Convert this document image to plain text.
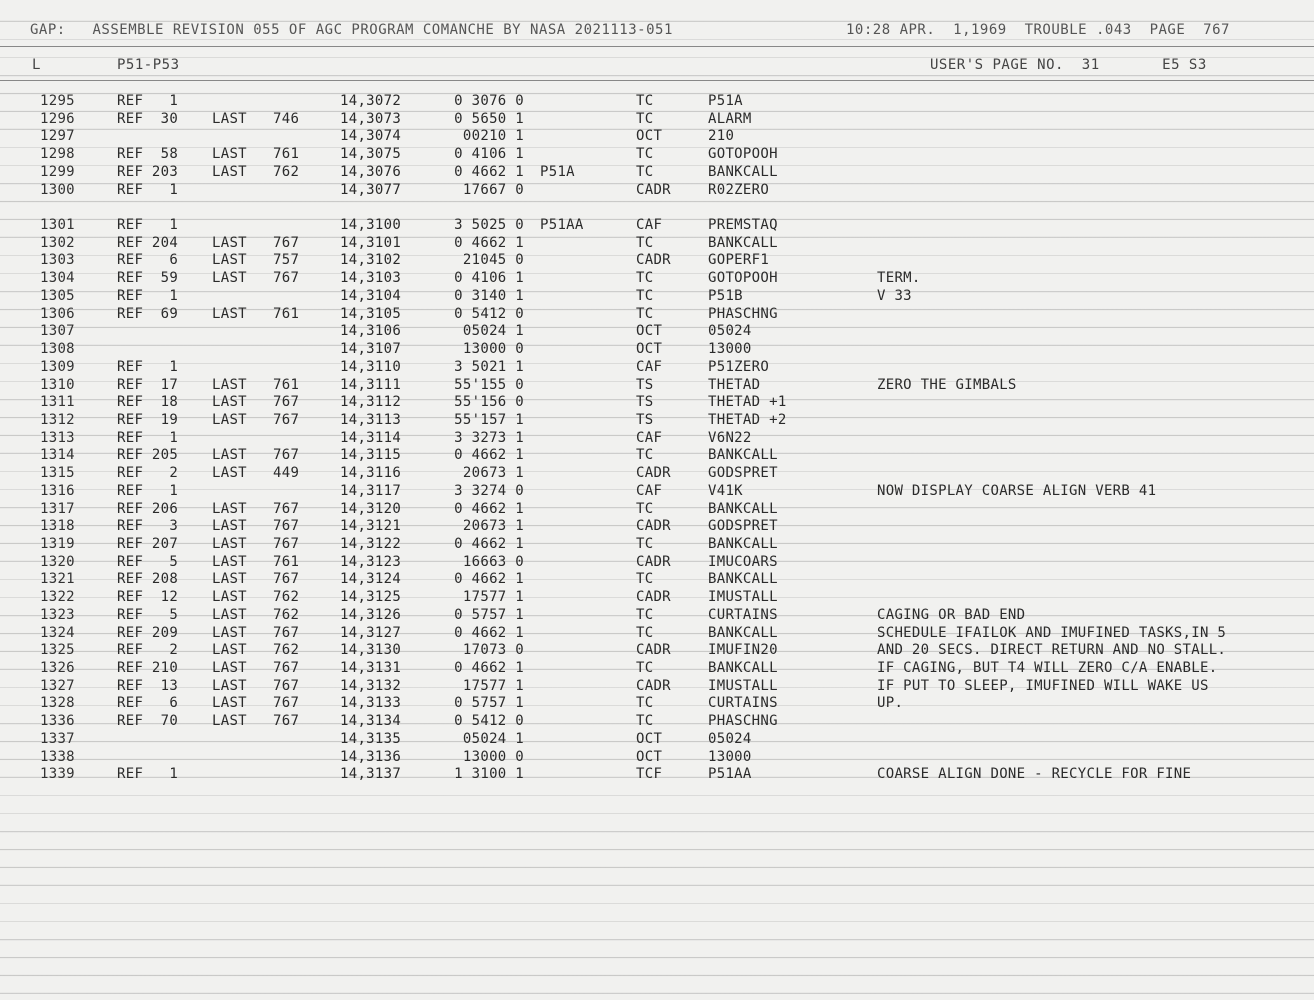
GAP:   ASSEMBLE REVISION 055 OF AGC PROGRAM COMANCHE BY NASA 2021113-051	10:28 APR.  1,1969  TROUBLE .043  PAGE  767
L	P51-P53	USER'S PAGE NO.  31       E5 S3
1295	REF   1	14,3072	0 3076 0	TC	P51A
1296	REF  30	LAST	746	14,3073	0 5650 1	TC	ALARM
1297	14,3074	00210 1	OCT	210
1298	REF  58	LAST	761	14,3075	0 4106 1	TC	GOTOPOOH
1299	REF 203	LAST	762	14,3076	0 4662 1 P51A	TC	BANKCALL
1300	REF   1	14,3077	17667 0	CADR	R02ZERO
1301	REF   1	14,3100	3 5025 0 P51AA	CAF	PREMSTAQ
1302	REF 204	LAST	767	14,3101	0 4662 1	TC	BANKCALL
1303	REF   6	LAST	757	14,3102	21045 0	CADR	GOPERF1
1304	REF  59	LAST	767	14,3103	0 4106 1	TC	GOTOPOOH	TERM.
1305	REF   1	14,3104	0 3140 1	TC	P51B	V 33
1306	REF  69	LAST	761	14,3105	0 5412 0	TC	PHASCHNG
1307	14,3106	05024 1	OCT	05024
1308	14,3107	13000 0	OCT	13000
1309	REF   1	14,3110	3 5021 1	CAF	P51ZERO
1310	REF  17	LAST	761	14,3111	55'155 0	TS	THETAD	ZERO THE GIMBALS
1311	REF  18	LAST	767	14,3112	55'156 0	TS	THETAD +1
1312	REF  19	LAST	767	14,3113	55'157 1	TS	THETAD +2
1313	REF   1	14,3114	3 3273 1	CAF	V6N22
1314	REF 205	LAST	767	14,3115	0 4662 1	TC	BANKCALL
1315	REF   2	LAST	449	14,3116	20673 1	CADR	GODSPRET
1316	REF   1	14,3117	3 3274 0	CAF	V41K	NOW DISPLAY COARSE ALIGN VERB 41
1317	REF 206	LAST	767	14,3120	0 4662 1	TC	BANKCALL
1318	REF   3	LAST	767	14,3121	20673 1	CADR	GODSPRET
1319	REF 207	LAST	767	14,3122	0 4662 1	TC	BANKCALL
1320	REF   5	LAST	761	14,3123	16663 0	CADR	IMUCOARS
1321	REF 208	LAST	767	14,3124	0 4662 1	TC	BANKCALL
1322	REF  12	LAST	762	14,3125	17577 1	CADR	IMUSTALL
1323	REF   5	LAST	762	14,3126	0 5757 1	TC	CURTAINS	CAGING OR BAD END
1324	REF 209	LAST	767	14,3127	0 4662 1	TC	BANKCALL	SCHEDULE IFAILOK AND IMUFINED TASKS,IN 5
1325	REF   2	LAST	762	14,3130	17073 0	CADR	IMUFIN20	AND 20 SECS. DIRECT RETURN AND NO STALL.
1326	REF 210	LAST	767	14,3131	0 4662 1	TC	BANKCALL	IF CAGING, BUT T4 WILL ZERO C/A ENABLE.
1327	REF  13	LAST	767	14,3132	17577 1	CADR	IMUSTALL	IF PUT TO SLEEP, IMUFINED WILL WAKE US
1328	REF   6	LAST	767	14,3133	0 5757 1	TC	CURTAINS	UP.
1336	REF  70	LAST	767	14,3134	0 5412 0	TC	PHASCHNG
1337	14,3135	05024 1	OCT	05024
1338	14,3136	13000 0	OCT	13000
1339	REF   1	14,3137	1 3100 1	TCF	P51AA	COARSE ALIGN DONE - RECYCLE FOR FINE
